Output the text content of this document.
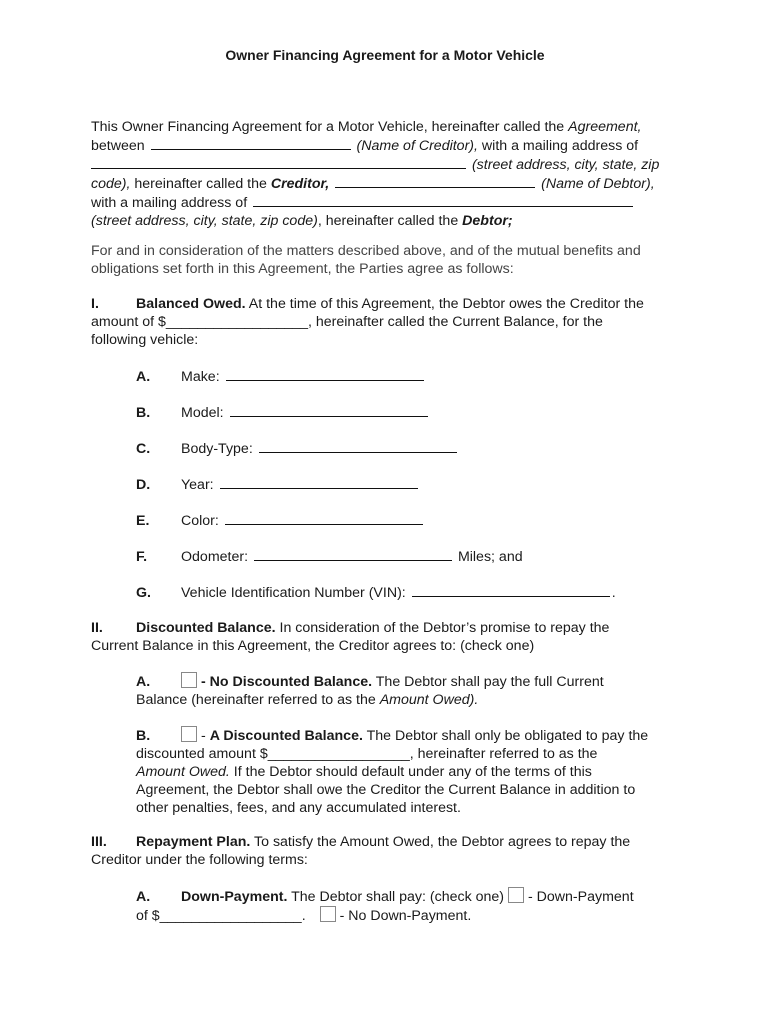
Owner Financing Agreement for a Motor Vehicle
This Owner Financing Agreement for a Motor Vehicle, hereinafter called the Agreement,
between	(Name of Creditor), with a mailing address of
(street address, city, state, zip
code), hereinafter called the Creditor,	(Name of Debtor),
with a mailing address of
(street address, city, state, zip code), hereinafter called the Debtor;
For and in consideration of the matters described above, and of the mutual benefits and obligations set forth in this Agreement, the Parties agree as follows:
I.	Balanced Owed. At the time of this Agreement, the Debtor owes the Creditor the
amount of $__________________, hereinafter called the Current Balance, for the
following vehicle:
A. Make:
B. Model:
C. Body-Type:
D. Year:
E. Color:
F. Odometer:	Miles; and
G. Vehicle Identification Number (VIN):	.
II. Discounted Balance. In consideration of the Debtor’s promise to repay the
Current Balance in this Agreement, the Creditor agrees to: (check one)
A.	- No Discounted Balance. The Debtor shall pay the full Current
Balance (hereinafter referred to as the Amount Owed).
B.	- A Discounted Balance. The Debtor shall only be obligated to pay the
discounted amount $__________________, hereinafter referred to as the
Amount Owed. If the Debtor should default under any of the terms of this
Agreement, the Debtor shall owe the Creditor the Current Balance in addition to
other penalties, fees, and any accumulated interest.
III. Repayment Plan. To satisfy the Amount Owed, the Debtor agrees to repay the
Creditor under the following terms:
A. Down-Payment. The Debtor shall pay: (check one) - Down-Payment
of $__________________. - No Down-Payment.
